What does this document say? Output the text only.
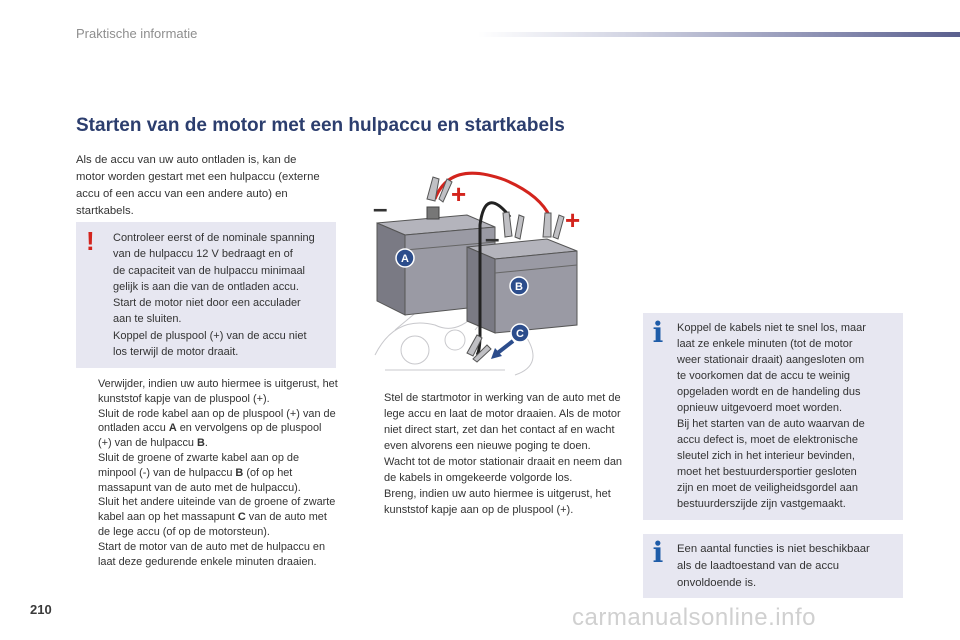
Praktische informatie
Starten van de motor met een hulpaccu en startkabels
Als de accu van uw auto ontladen is, kan de motor worden gestart met een hulpaccu (externe accu of een accu van een andere auto) en startkabels.
! Controleer eerst of de nominale spanning
van de hulpaccu 12 V bedraagt en of
de capaciteit van de hulpaccu minimaal
gelijk is aan die van de ontladen accu.
Start de motor niet door een acculader
aan te sluiten.
Koppel de pluspool (+) van de accu niet
los terwijl de motor draait.
Verwijder, indien uw auto hiermee is uitgerust, het kunststof kapje van de pluspool (+).
Sluit de rode kabel aan op de pluspool (+) van de ontladen accu A en vervolgens op de pluspool (+) van de hulpaccu B.
Sluit de groene of zwarte kabel aan op de minpool (-) van de hulpaccu B (of op het massapunt van de auto met de hulpaccu).
Sluit het andere uiteinde van de groene of zwarte kabel aan op het massapunt C van de auto met de lege accu (of op de motorsteun).
Start de motor van de auto met de hulpaccu en laat deze gedurende enkele minuten draaien.
+
+
–
–
A
B
C
Stel de startmotor in werking van de auto met de lege accu en laat de motor draaien. Als de motor niet direct start, zet dan het contact af en wacht even alvorens een nieuwe poging te doen.
Wacht tot de motor stationair draait en neem dan de kabels in omgekeerde volgorde los.
Breng, indien uw auto hiermee is uitgerust, het kunststof kapje aan op de pluspool (+).
i Koppel de kabels niet te snel los, maar
laat ze enkele minuten (tot de motor
weer stationair draait) aangesloten om
te voorkomen dat de accu te weinig
opgeladen wordt en de handeling dus
opnieuw uitgevoerd moet worden.
Bij het starten van de auto waarvan de
accu defect is, moet de elektronische
sleutel zich in het interieur bevinden,
moet het bestuurdersportier gesloten
zijn en moet de veiligheidsgordel aan
bestuurderszijde zijn vastgemaakt.
i Een aantal functies is niet beschikbaar
als de laadtoestand van de accu
onvoldoende is.
210	carmanualsonline.info
